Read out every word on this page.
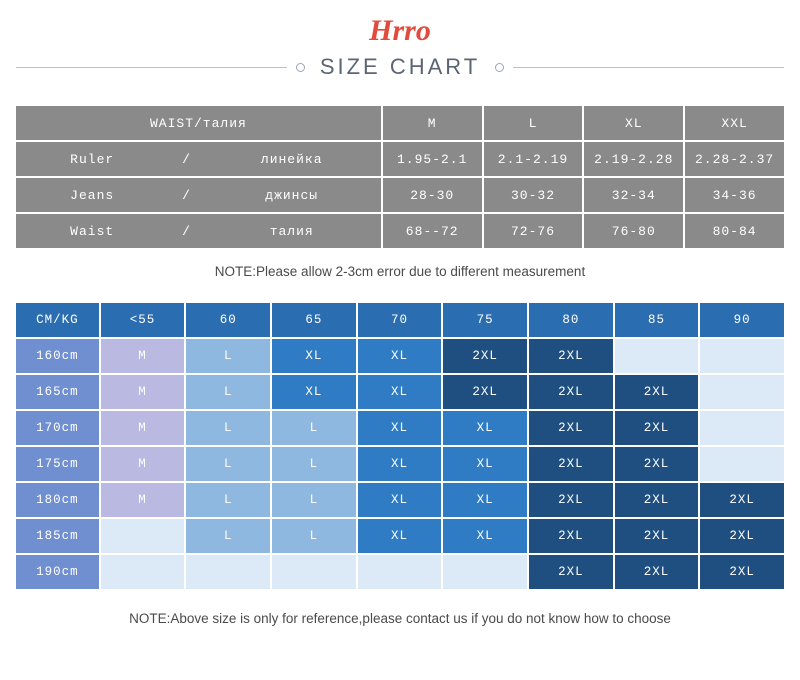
Hrro
SIZE CHART
WAIST/талия	M	L	XL	XXL

Ruler / линейка	1.95-2.1	2.1-2.19	2.19-2.28	2.28-2.37

Jeans / джинсы	28-30	30-32	32-34	34-36

Waist / талия	68--72	72-76	76-80	80-84
NOTE:Please allow 2-3cm error due to different measurement
CM/KG	<55	60	65	70	75	80	85	90
160cm	M	L	XL	XL	2XL	2XL		
165cm	M	L	XL	XL	2XL	2XL	2XL	
170cm	M	L	L	XL	XL	2XL	2XL	
175cm	M	L	L	XL	XL	2XL	2XL	
180cm	M	L	L	XL	XL	2XL	2XL	2XL
185cm		L	L	XL	XL	2XL	2XL	2XL
190cm						2XL	2XL	2XL
NOTE:Above size is only for reference,please contact us if you do not know how to choose
